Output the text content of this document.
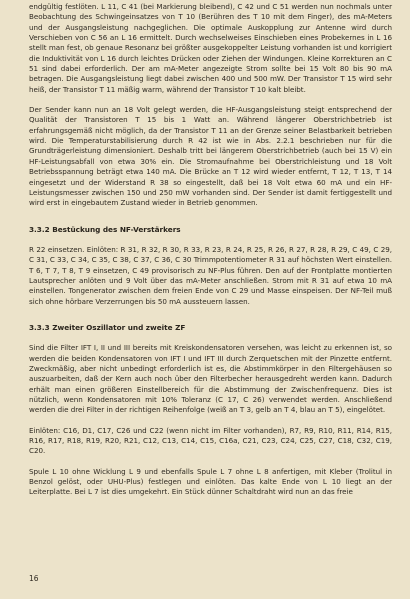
endgültig festlöten. L 11, C 41 (bei Markierung bleibend), C 42 und C 51 werden nun nochmals unter Beobachtung des Schwingeinsatzes von T 10 (Berühren des T 10 mit dem Finger), des mA-Meters und der Ausgangsleistung nachgeglichen. Die optimale Auskopplung zur Antenne wird durch Verschieben von C 56 an L 16 ermittelt. Durch wechselweises Einschieben eines Probekernes in L 16 stellt man fest, ob genaue Resonanz bei größter ausgekoppelter Leistung vorhanden ist und korrigiert die Induktivität von L 16 durch leichtes Drücken oder Ziehen der Windungen. Kleine Korrekturen an C 51 sind dabei erforderlich. Der am mA-Meter angezeigte Strom sollte bei 15 Volt 80 bis 90 mA betragen. Die Ausgangsleistung liegt dabei zwischen 400 und 500 mW. Der Transistor T 15 wird sehr heiß, der Transistor T 11 mäßig warm, während der Transistor T 10 kalt bleibt.

Der Sender kann nun an 18 Volt gelegt werden, die HF-Ausgangsleistung steigt entsprechend der Qualität der Transistoren T 15 bis 1 Watt an. Während längerer Oberstrichbetrieb ist erfahrungsgemäß nicht möglich, da der Transistor T 11 an der Grenze seiner Belastbarkeit betrieben wird. Die Temperaturstabilisierung durch R 42 ist wie in Abs. 2.2.1 beschrieben nur für die Grundträgerleistung dimensioniert. Deshalb tritt bei längerem Oberstrichbetrieb (auch bei 15 V) ein HF-Leistungsabfall von etwa 30% ein. Die Stromaufnahme bei Oberstrichleistung und 18 Volt Betriebsspannung beträgt etwa 140 mA. Die Brücke an T 12 wird wieder entfernt, T 12, T 13, T 14 eingesetzt und der Widerstand R 38 so eingestellt, daß bei 18 Volt etwa 60 mA und ein HF-Leistungsmesser zwischen 150 und 250 mW vorhanden sind. Der Sender ist damit fertiggestellt und wird erst in eingebautem Zustand wieder in Betrieb genommen.

3.3.2 Bestückung des NF-Verstärkers

R 22 einsetzen. Einlöten: R 31, R 32, R 30, R 33, R 23, R 24, R 25, R 26, R 27, R 28, R 29, C 49, C 29, C 31, C 33, C 34, C 35, C 38, C 37, C 36, C 30 Trimmpotentiometer R 31 auf höchsten Wert einstellen. T 6, T 7, T 8, T 9 einsetzen, C 49 provisorisch zu NF-Plus führen. Den auf der Frontplatte montierten Lautsprecher anlöten und 9 Volt über das mA-Meter anschließen. Strom mit R 31 auf etwa 10 mA einstellen. Tongenerator zwischen dem freien Ende von C 29 und Masse einspeisen. Der NF-Teil muß sich ohne hörbare Verzerrungen bis 50 mA aussteuern lassen.

3.3.3 Zweiter Oszillator und zweite ZF

Sind die Filter IFT I, II und III bereits mit Kreiskondensatoren versehen, was leicht zu erkennen ist, so werden die beiden Kondensatoren von IFT I und IFT III durch Zerquetschen mit der Pinzette entfernt. Zweckmäßig, aber nicht unbedingt erforderlich ist es, die Abstimmkörper in den Filtergehäusen so auszuarbeiten, daß der Kern auch noch über den Filterbecher herausgedreht werden kann. Dadurch erhält man einen größeren Einstellbereich für die Abstimmung der Zwischenfrequenz. Dies ist nützlich, wenn Kondensatoren mit 10% Toleranz (C 17, C 26) verwendet werden. Anschließend werden die drei Filter in der richtigen Reihenfolge (weiß an T 3, gelb an T 4, blau an T 5), eingelötet.

Einlöten: C16, D1, C17, C26 und C22 (wenn nicht im Filter vorhanden), R7, R9, R10, R11, R14, R15, R16, R17, R18, R19, R20, R21, C12, C13, C14, C15, C16a, C21, C23, C24, C25, C27, C18, C32, C19, C20.

Spule L 10 ohne Wicklung L 9 und ebenfalls Spule L 7 ohne L 8 anfertigen, mit Kleber (Trolitul in Benzol gelöst, oder UHU-Plus) festlegen und einlöten. Das kalte Ende von L 10 liegt an der Leiterplatte. Bei L 7 ist dies umgekehrt. Ein Stück dünner Schaltdraht wird nun an das freie

16
